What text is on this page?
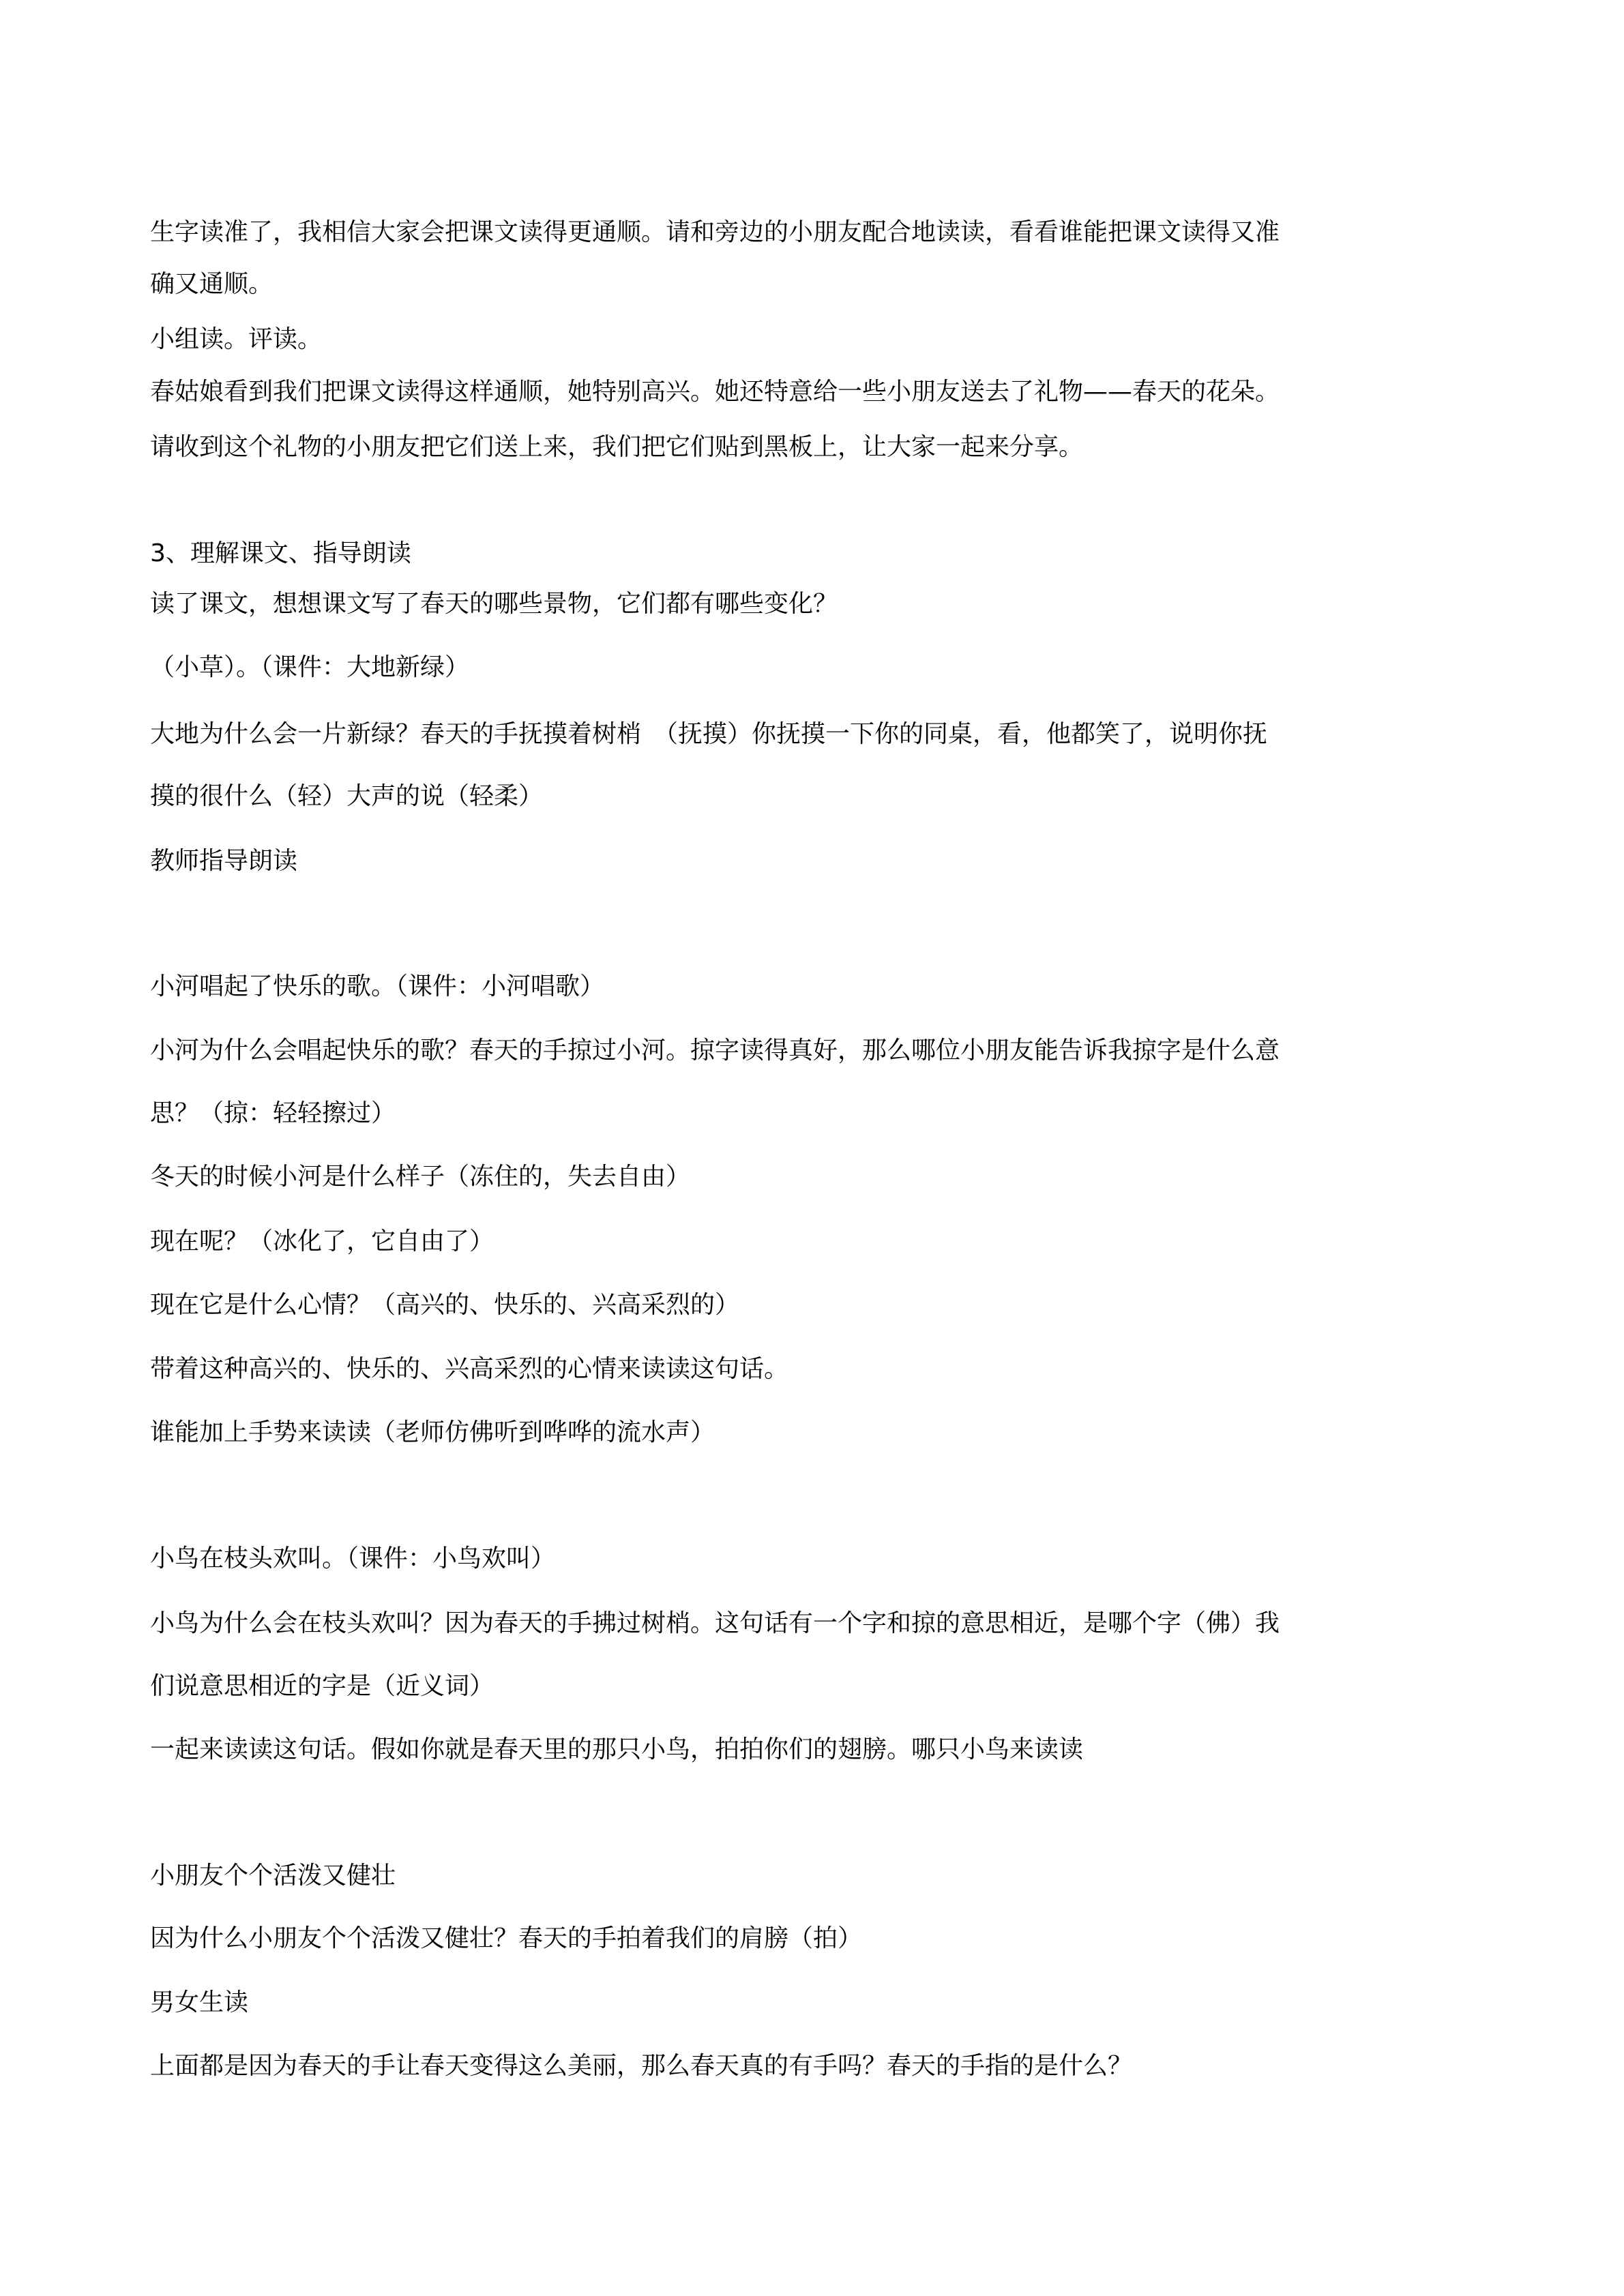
生字读准了，我相信大家会把课文读得更通顺。请和旁边的小朋友配合地读读，看看谁能把课文读得又准
确又通顺。
小组读。评读。
春姑娘看到我们把课文读得这样通顺，她特别高兴。她还特意给一些小朋友送去了礼物——春天的花朵。
请收到这个礼物的小朋友把它们送上来，我们把它们贴到黑板上，让大家一起来分享。
3、理解课文、指导朗读
读了课文，想想课文写了春天的哪些景物，它们都有哪些变化？
（小草）。（课件：大地新绿）
大地为什么会一片新绿？春天的手抚摸着树梢　（抚摸）你抚摸一下你的同桌，看，他都笑了，说明你抚
摸的很什么（轻）大声的说（轻柔）
教师指导朗读
小河唱起了快乐的歌。（课件：小河唱歌）
小河为什么会唱起快乐的歌？春天的手掠过小河。掠字读得真好，那么哪位小朋友能告诉我掠字是什么意
思？（掠：轻轻擦过）
冬天的时候小河是什么样子（冻住的，失去自由）
现在呢？（冰化了，它自由了）
现在它是什么心情？（高兴的、快乐的、兴高采烈的）
带着这种高兴的、快乐的、兴高采烈的心情来读读这句话。
谁能加上手势来读读（老师仿佛听到哗哗的流水声）
小鸟在枝头欢叫。（课件：小鸟欢叫）
小鸟为什么会在枝头欢叫？因为春天的手拂过树梢。这句话有一个字和掠的意思相近，是哪个字（佛）我
们说意思相近的字是（近义词）
一起来读读这句话。假如你就是春天里的那只小鸟，拍拍你们的翅膀。哪只小鸟来读读
小朋友个个活泼又健壮
因为什么小朋友个个活泼又健壮？春天的手拍着我们的肩膀（拍）
男女生读
上面都是因为春天的手让春天变得这么美丽，那么春天真的有手吗？春天的手指的是什么？
